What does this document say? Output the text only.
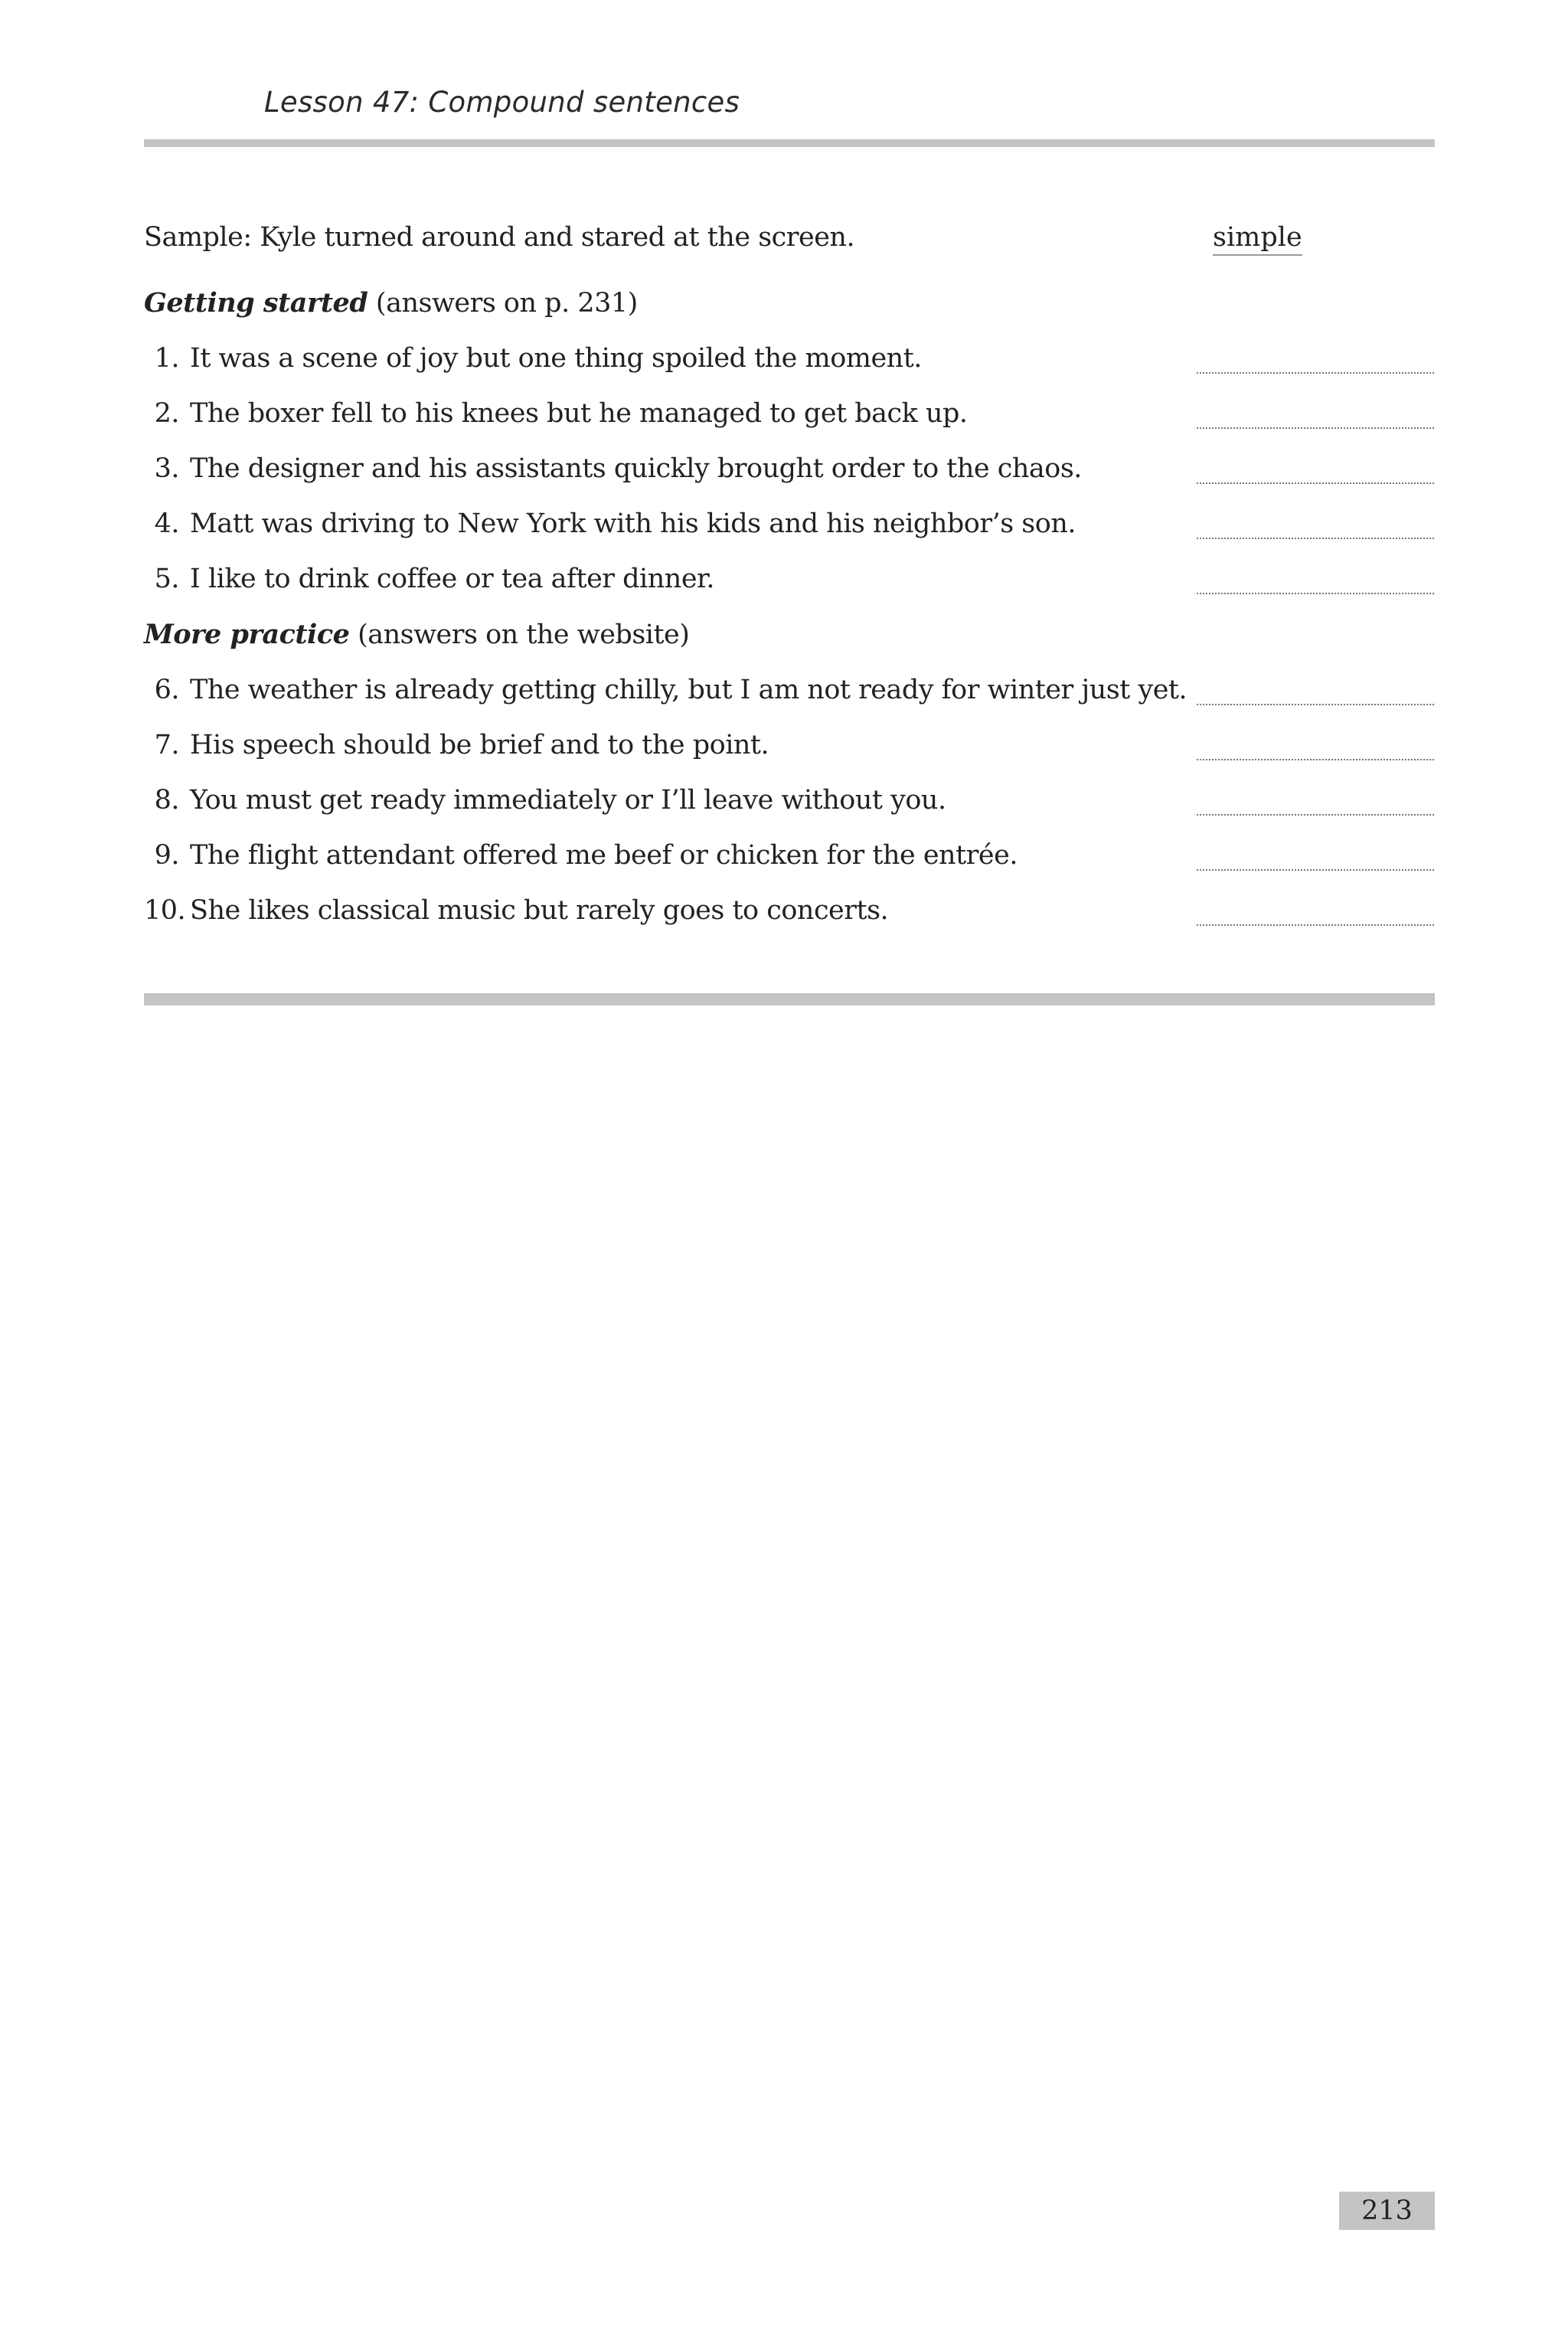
Lesson 47: Compound sentences
Sample: Kyle turned around and stared at the screen.	simple
Getting started (answers on p. 231)
1. It was a scene of joy but one thing spoiled the moment.
2. The boxer fell to his knees but he managed to get back up.
3. The designer and his assistants quickly brought order to the chaos.
4. Matt was driving to New York with his kids and his neighbor’s son.
5. I like to drink coffee or tea after dinner.
More practice (answers on the website)
6. The weather is already getting chilly, but I am not ready for winter just yet.
7. His speech should be brief and to the point.
8. You must get ready immediately or I’ll leave without you.
9. The flight attendant offered me beef or chicken for the entrée.
10. She likes classical music but rarely goes to concerts.
213
